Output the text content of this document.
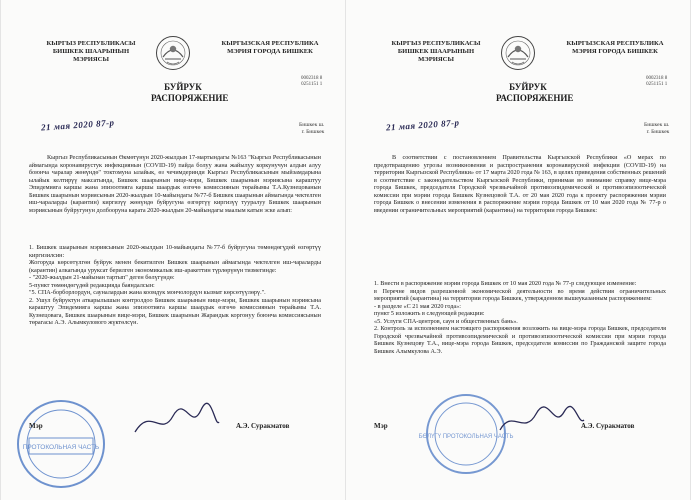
КЫРГЫЗ РЕСПУБЛИКАСЫ
БИШКЕК ШААРЫНЫН
МЭРИЯСЫ
КЫРГЫЗСКАЯ РЕСПУБЛИКА
МЭРИЯ ГОРОДА БИШКЕК
0002318 8
0251151 1
БУЙРУК
РАСПОРЯЖЕНИЕ
21 мая 2020 87-р	Бишкек ш.
г. Бишкек

Кыргыз Республикасынын Өкмөтүнүн 2020-жылдын 17-мартындагы №163 "Кыргыз Республикасынын аймагында коронавирустук инфекциянын (COVID-19) пайда болуу жана жайылуу коркунучун алдын алуу боюнча чаралар жөнүндө" токтомуна ылайык, өз чечимдеринди Кыргыз Республикасынын мыйзамдарына ылайык келтирүү максатында, Бишкек шаарынын вице-мэри, Бишкек шаарынын мэриясына караштуу Эпидемияга каршы жана эпизоотияга каршы шаардык өзгөчө комиссиянын төрайымы Т.А.Кузнецованын Бишкек шаарынын мэриясынын 2020-жылдын 10-майындагы №77-б Бишкек шаарынын аймагында чектелген иш-чараларды (карантин) киргизүү жөнүндө буйругуна өзгөртүү киргизүү тууралуу Бишкек шаарынын мэриясынын буйругунун долбооруна карата 2020-жылдын 20-майындагы маалым катын эске алып:

1. Бишкек шаарынын мэриясынын 2020-жылдын 10-майындагы №77-б буйругуна төмөндөгүдөй өзгөртүү киргизилсин:
Жогоруда көрсөтүлгөн буйрук менен бекитилген Бишкек шаарынын аймагында чектелген иш-чараларды (карантин) алкагында уруксат берилген экономикалык иш-аракеттин түрлөрүнүн тизмегинде:
- "2020-жылдын 21-майынан тартып" деген бөлүгүндө:
5-пункт төмөндөгүдөй редакцияда баяндалсын:
"5. СПА-борборлордун, сауналардын жана коомдук мончолордун кызмат көрсөтүүлөрү.".
2. Ушул буйруктун аткарылышын контролдоо Бишкек шаарынын вице-мэри, Бишкек шаарынын мэриясына караштуу Эпидемияга каршы жана эпизоотияга каршы шаардык өзгөчө комиссиянын төрайымы Т.А. Кузнецовага, Бишкек шаарынын вице-мэри, Бишкек шаарынын Жарандык коргонуу боюнча комиссиясынын төрагасы А.Э. Алымкулового жүктөлсүн.

ПРОТОКОЛЬНАЯ ЧАСТЬ
Мэр	А.Э. Суракматов
КЫРГЫЗ РЕСПУБЛИКАСЫ
БИШКЕК ШААРЫНЫН
МЭРИЯСЫ
КЫРГЫЗСКАЯ РЕСПУБЛИКА
МЭРИЯ ГОРОДА БИШКЕК
0002318 8
0251151 1
БУЙРУК
РАСПОРЯЖЕНИЕ
21 мая 2020 87-р	Бишкек ш.
г. Бишкек

В соответствии с постановлением Правительства Кыргызской Республики «О мерах по предотвращению угрозы возникновения и распространения коронавирусной инфекции (COVID-19) на территории Кыргызской Республики» от 17 марта 2020 года № 163, в целях приведения собственных решений в соответствие с законодательством Кыргызской Республики, принимая во внимание справку вице-мэра города Бишкек, председателя Городской чрезвычайной противоэпидемической и противоэпизоотической комиссии при мэрии города Бишкек Кузнецовой Т.А. от 20 мая 2020 года к проекту распоряжения мэрии города Бишкек о внесении изменения в распоряжение мэрии города Бишкек от 10 мая 2020 года № 77-р о введении ограничительных мероприятий (карантина) на территории города Бишкек:

1. Внести в распоряжение мэрии города Бишкек от 10 мая 2020 года № 77-р следующее изменение:
в Перечне видов разрешенной экономической деятельности во время действия ограничительных мероприятий (карантина) на территории города Бишкек, утвержденном вышеуказанным распоряжением:
- в разделе «С 21 мая 2020 года»:
пункт 5 изложить в следующей редакции:
«5. Услуги СПА-центров, саун и общественных бань».
2. Контроль за исполнением настоящего распоряжения возложить на вице-мэра города Бишкек, председателя Городской чрезвычайной противоэпидемической и противоэпизоотической комиссии при мэрии города Бишкек Кузнецову Т.А., вице-мэра города Бишкек, председателя комиссии по Гражданской защите города Бишкек Алымкулова А.Э.

БӨЛҮГҮ ПРОТОКОЛЬНАЯ ЧАСТЬ
Мэр	А.Э. Суракматов
